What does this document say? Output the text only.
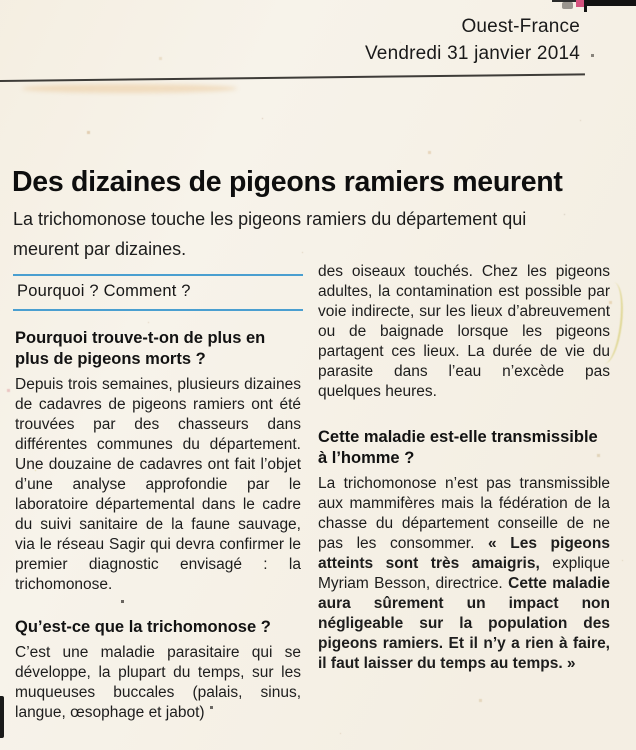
Ouest-France
Vendredi 31 janvier 2014
Des dizaines de pigeons ramiers meurent

La trichomonose touche les pigeons ramiers du département qui meurent par dizaines.

Pourquoi ? Comment ?
Pourquoi trouve-t-on de plus en plus de pigeons morts ?

Depuis trois semaines, plusieurs dizaines de cadavres de pigeons ramiers ont été trouvées par des chasseurs dans différentes communes du département. Une douzaine de cadavres ont fait l’objet d’une analyse approfondie par le laboratoire départemental dans le cadre du suivi sanitaire de la faune sauvage, via le réseau Sagir qui devra confirmer le premier diagnostic envisagé : la trichomonose.

Qu’est-ce que la trichomonose ?

C’est une maladie parasitaire qui se développe, la plupart du temps, sur les muqueuses buccales (palais, sinus, langue, œsophage et jabot)

des oiseaux touchés. Chez les pigeons adultes, la contamination est possible par voie indirecte, sur les lieux d’abreuvement ou de baignade lorsque les pigeons partagent ces lieux. La durée de vie du parasite dans l’eau n’excède pas quelques heures.

Cette maladie est-elle transmissible à l’homme ?

La trichomonose n’est pas transmissible aux mammifères mais la fédération de la chasse du département conseille de ne pas les consommer. « Les pigeons atteints sont très amaigris, explique Myriam Besson, directrice. Cette maladie aura sûrement un impact non négligeable sur la population des pigeons ramiers. Et il n’y a rien à faire, il faut laisser du temps au temps. »
